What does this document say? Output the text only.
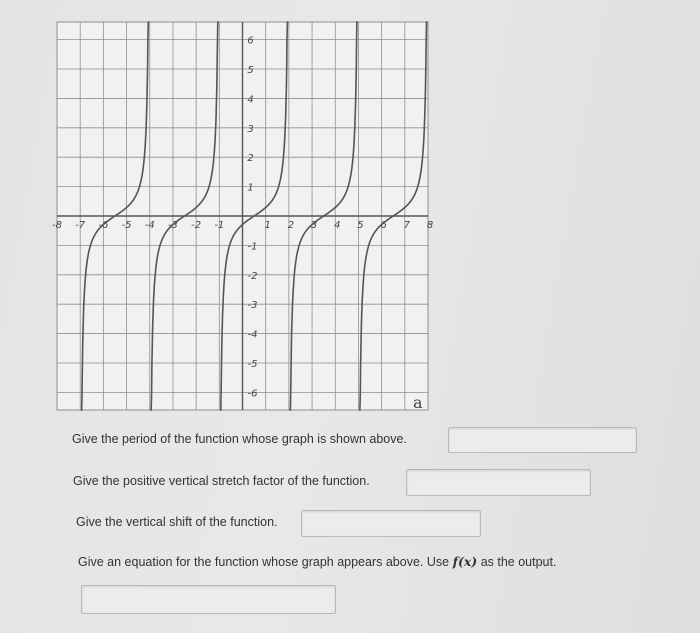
-8 -7 -6 -5 -4 -3 -2 -1	1 2 3 4 5 6 7 8
6
5
4
3
2
1
-1
-2
-3
-4
-5
-6	a
Give the period of the function whose graph is shown above.
Give the positive vertical stretch factor of the function.
Give the vertical shift of the function.
Give an equation for the function whose graph appears above. Use f(x) as the output.
